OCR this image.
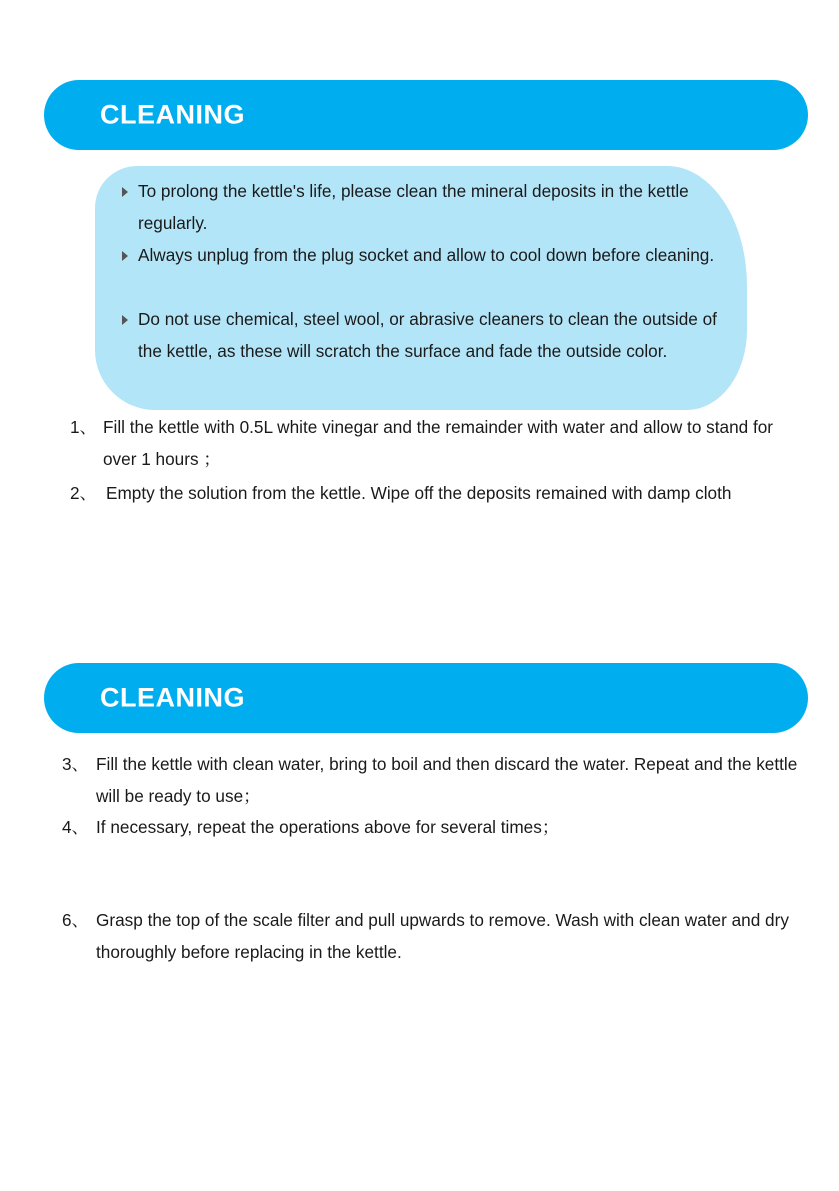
CLEANING
To prolong the kettle's life, please clean the mineral deposits in the kettle regularly.
Always unplug from the plug socket and allow to cool down before cleaning.
Do not use chemical, steel wool, or abrasive cleaners to clean the outside of the kettle, as these will scratch the surface and fade the outside color.
1、 Fill the kettle with 0.5L white vinegar and the remainder with water and allow to stand for over 1 hours ；
2、 Empty the solution from the kettle. Wipe off the deposits remained with damp cloth
CLEANING
3、 Fill the kettle with clean water, bring to boil and then discard the water. Repeat and the kettle will be ready to use；
4、 If necessary, repeat the operations above for several times；
6、 Grasp the top of the scale filter and pull upwards to remove. Wash with clean water and dry thoroughly before replacing in the kettle.
